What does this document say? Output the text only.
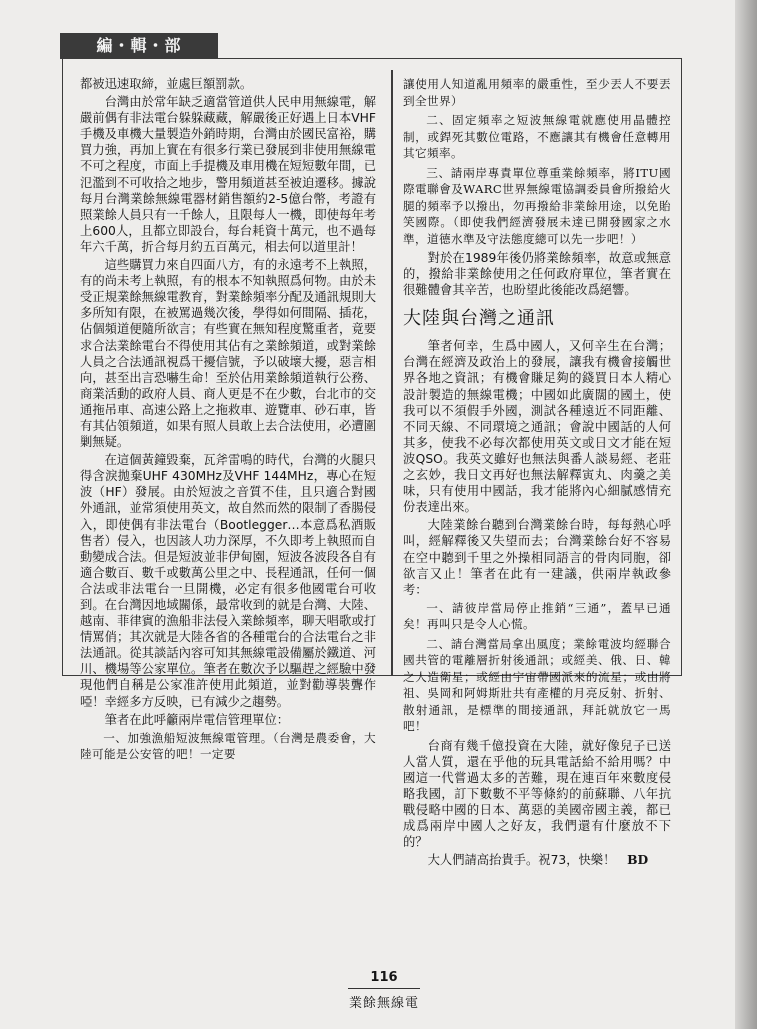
編・輯・部

都被迅速取締，並處巨額罰款。

台灣由於常年缺乏適當管道供人民申用無線電，解嚴前偶有非法電台躲躲藏藏，解嚴後正好遇上日本VHF手機及車機大量製造外銷時期，台灣由於國民富裕，購買力強，再加上實在有很多行業已發展到非使用無線電不可之程度，市面上手提機及車用機在短短數年間，已氾濫到不可收拾之地步，警用頻道甚至被迫遷移。據說每月台灣業餘無線電器材銷售額約2-5億台幣，考證有照業餘人員只有一千餘人，且限每人一機，即使每年考上600人，且都立即設台，每台耗資十萬元，也不過每年六千萬，折合每月約五百萬元，相去何以道里計！

這些購買力來自四面八方，有的永遠考不上執照，有的尚未考上執照，有的根本不知執照爲何物。由於未受正規業餘無線電教育，對業餘頻率分配及通訊規則大多所知有限，在被罵過幾次後，學得如何間隔、插花，佔個頻道便隨所欲言；有些實在無知程度驚重者，竟要求合法業餘電台不得使用其佔有之業餘頻道，或對業餘人員之合法通訊視爲干擾信號，予以破壞大擾，惡言相向，甚至出言恐嚇生命！至於佔用業餘頻道執行公務、商業活動的政府人員、商人更是不在少數，台北市的交通拖吊車、高速公路上之拖救車、遊覽車、砂石車，皆有其佔領頻道，如果有照人員敢上去合法使用，必遭圍剿無疑。

在這個黃鐘毀棄，瓦斧雷鳴的時代，台灣的火腿只得含淚拋棄UHF 430MHz及VHF 144MHz，專心在短波（HF）發展。由於短波之音質不佳，且只適合對國外通訊，並常須使用英文，故自然而然的限制了香腸侵入，即使偶有非法電台（Bootlegger…本意爲私酒販售者）侵入，也因該人功力深厚，不久即考上執照而自動變成合法。但是短波並非伊甸園，短波各波段各自有適合數百、數千或數萬公里之中、長程通訊，任何一個合法或非法電台一旦開機，必定有很多他國電台可收到。在台灣因地域關係，最常收到的就是台灣、大陸、越南、菲律賓的漁船非法侵入業餘頻率，聊天唱歌或打情罵俏；其次就是大陸各省的各種電台的合法電台之非法通訊。從其談話內容可知其無線電設備屬於鐵道、河川、機場等公家單位。筆者在數次予以驅趕之經驗中發現他們自稱是公家准許使用此頻道，並對勸導裝聾作啞！幸經多方反映，已有減少之趨勢。

筆者在此呼籲兩岸電信管理單位：

一、加強漁船短波無線電管理。（台灣是農委會，大陸可能是公安管的吧！一定要

讓使用人知道亂用頻率的嚴重性，至少丟人不要丟到全世界）

二、固定頻率之短波無線電就應使用晶體控制，或銲死其數位電路，不應讓其有機會任意轉用其它頻率。

三、請兩岸專責單位尊重業餘頻率，將ITU國際電聯會及WARC世界無線電協調委員會所撥給火腿的頻率予以撥出，勿再撥給非業餘用途，以免貽笑國際。（即使我們經濟發展未達已開發國家之水準，道德水準及守法態度總可以先一步吧！）

對於在1989年後仍將業餘頻率，故意或無意的，撥給非業餘使用之任何政府單位，筆者實在很難體會其辛苦，也盼望此後能改爲絕響。

大陸與台灣之通訊

筆者何幸，生爲中國人，又何辛生在台灣；台灣在經濟及政治上的發展，讓我有機會接觸世界各地之資訊；有機會賺足夠的錢買日本人精心設計製造的無線電機；中國如此廣闊的國土，使我可以不須假手外國，測試各種遠近不同距離、不同天線、不同環境之通訊；會說中國話的人何其多，使我不必每次都使用英文或日文才能在短波QSO。我英文雖好也無法與番人談易經、老莊之玄妙，我日文再好也無法解釋寅丸、肉羹之美味，只有使用中國話，我才能將內心細膩感情充份表達出來。

大陸業餘台聽到台灣業餘台時，每每熱心呼叫，經解釋後又失望而去；台灣業餘台好不容易在空中聽到千里之外操相同語言的骨肉同胞，卻欲言又止！筆者在此有一建議，供兩岸執政參考：

一、請彼岸當局停止推銷“三通”，蓋早已通矣！再叫只是令人心慌。

二、請台灣當局拿出風度；業餘電波均經聯合國共管的電離層折射後通訊；或經美、俄、日、韓之人造衛星；或經由宇宙帶國派來的流星；或由將祖、吳岡和阿姆斯壯共有產權的月亮反射、折射、散射通訊，是標準的間接通訊，拜託就放它一馬吧！

台商有幾千億投資在大陸，就好像兒子已送人當人質，還在乎他的玩具電話給不給用嗎？中國這一代嘗過太多的苦難，現在連百年來數度侵略我國，訂下數數不平等條約的前蘇聯、八年抗戰侵略中國的日本、萬惡的美國帝國主義，都已成爲兩岸中國人之好友，我們還有什麼放不下的？

大人們請高抬貴手。祝73，快樂！ BD

116
業餘無線電
